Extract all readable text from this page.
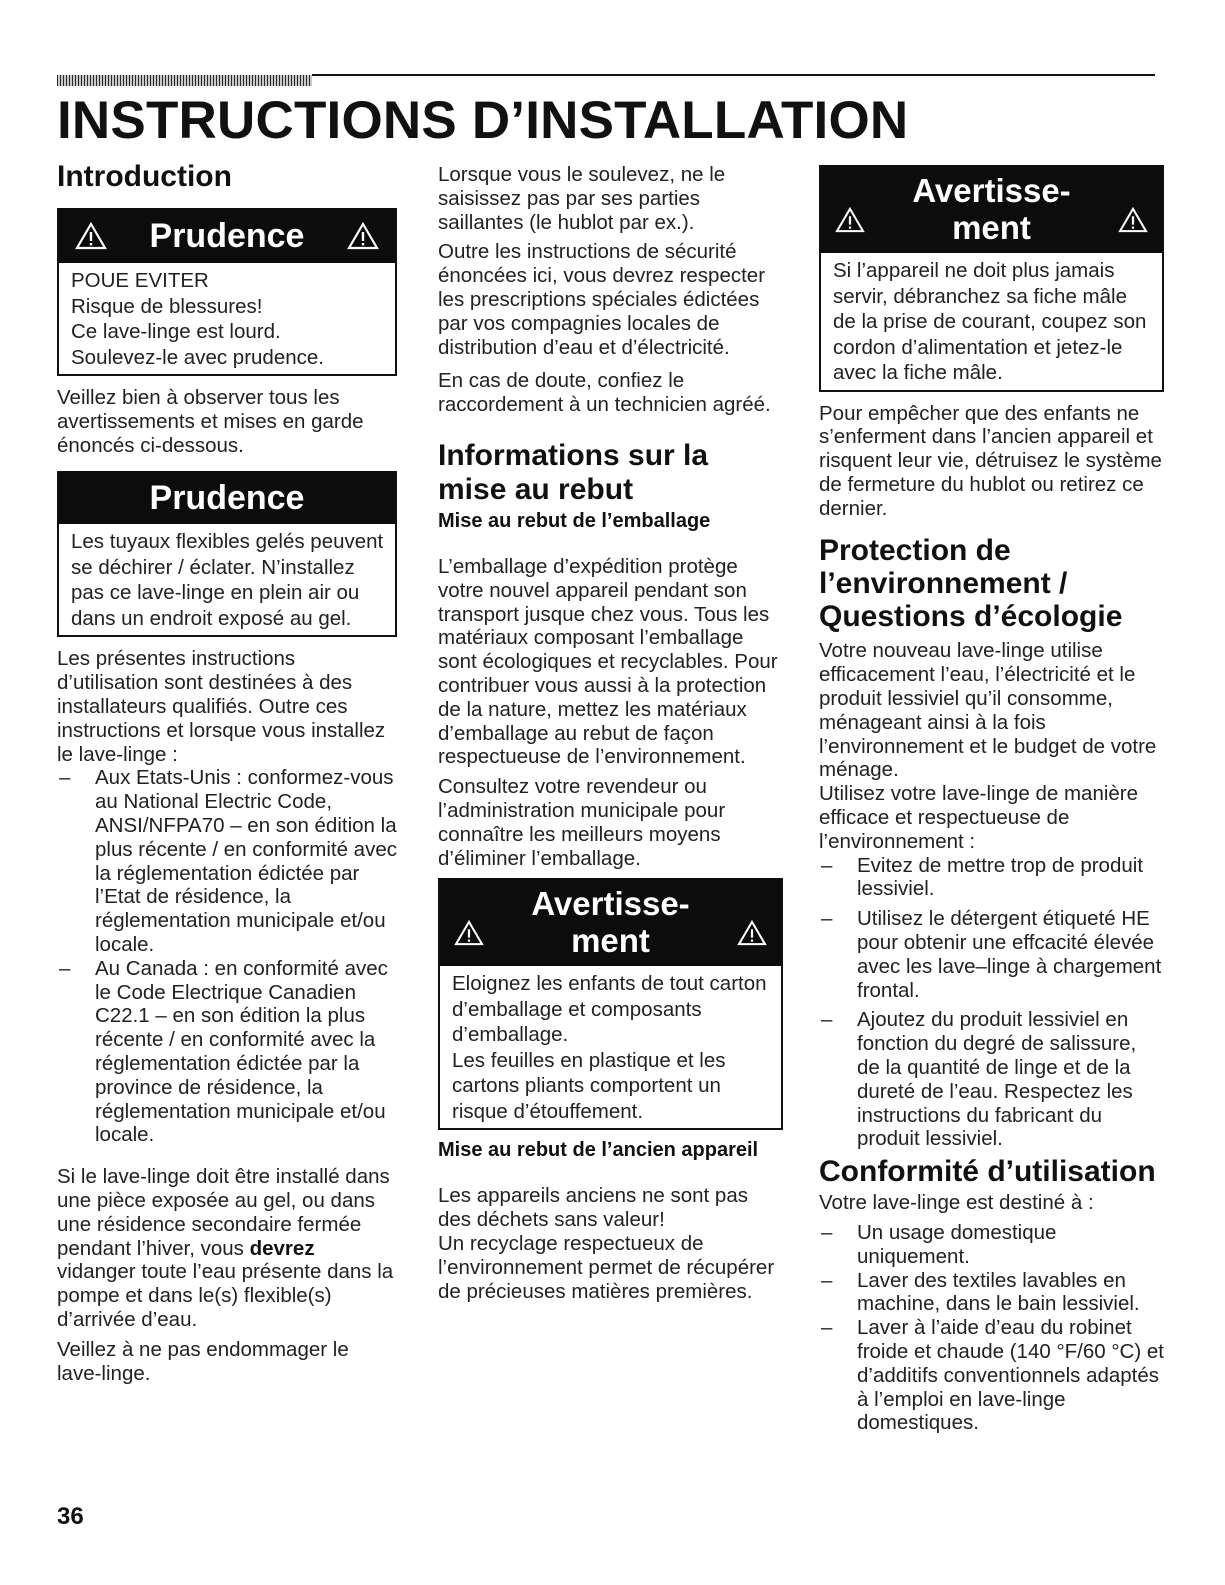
INSTRUCTIONS D’INSTALLATION
Introduction
Prudence
POUE EVITER
Risque de blessures!
Ce lave-linge est lourd.
Soulevez-le avec prudence.

Veillez bien à observer tous les avertissements et mises en garde énoncés ci-dessous.

Prudence
Les tuyaux flexibles gelés peuvent se déchirer / éclater. N’installez pas ce lave-linge en plein air ou dans un endroit exposé au gel.

Les présentes instructions d’utilisation sont destinées à des installateurs qualifiés. Outre ces instructions et lorsque vous installez le lave-linge :

– Aux Etats-Unis : conformez-vous au National Electric Code, ANSI/NFPA70 – en son édition la plus récente / en conformité avec la réglementation édictée par l’Etat de résidence, la réglementation municipale et/ou locale.
– Au Canada : en conformité avec le Code Electrique Canadien C22.1 – en son édition la plus récente / en conformité avec la réglementation édictée par la province de résidence, la réglementation municipale et/ou locale.

Si le lave-linge doit être installé dans une pièce exposée au gel, ou dans une résidence secondaire fermée pendant l’hiver, vous devrez vidanger toute l’eau présente dans la pompe et dans le(s) flexible(s) d’arrivée d’eau.

Veillez à ne pas endommager le lave-linge.

Lorsque vous le soulevez, ne le saisissez pas par ses parties saillantes (le hublot par ex.).

Outre les instructions de sécurité énoncées ici, vous devrez respecter les prescriptions spéciales édictées par vos compagnies locales de distribution d’eau et d’électricité.

En cas de doute, confiez le raccordement à un technicien agréé.

Informations sur la mise au rebut
Mise au rebut de l’emballage

L’emballage d’expédition protège votre nouvel appareil pendant son transport jusque chez vous. Tous les matériaux composant l’emballage sont écologiques et recyclables. Pour contribuer vous aussi à la protection de la nature, mettez les matériaux d’emballage au rebut de façon respectueuse de l’environnement.

Consultez votre revendeur ou l’administration municipale pour connaître les meilleurs moyens d’éliminer l’emballage.

Avertisse-
ment
Eloignez les enfants de tout carton d’emballage et composants d’emballage.
Les feuilles en plastique et les cartons pliants comportent un risque d’étouffement.
Mise au rebut de l’ancien appareil

Les appareils anciens ne sont pas des déchets sans valeur!

Un recyclage respectueux de l’environnement permet de récupérer de précieuses matières premières.

Avertisse-
ment
Si l’appareil ne doit plus jamais servir, débranchez sa fiche mâle de la prise de courant, coupez son cordon d’alimentation et jetez-le avec la fiche mâle.

Pour empêcher que des enfants ne s’enferment dans l’ancien appareil et risquent leur vie, détruisez le système de fermeture du hublot ou retirez ce dernier.

Protection de l’environnement / Questions d’écologie

Votre nouveau lave-linge utilise efficacement l’eau, l’électricité et le produit lessiviel qu’il consomme, ménageant ainsi à la fois l’environnement et le budget de votre ménage.

Utilisez votre lave-linge de manière efficace et respectueuse de l’environnement :

– Evitez de mettre trop de produit lessiviel.
– Utilisez le détergent étiqueté HE pour obtenir une effcacité élevée avec les lave–linge à chargement frontal.
– Ajoutez du produit lessiviel en fonction du degré de salissure, de la quantité de linge et de la dureté de l’eau. Respectez les instructions du fabricant du produit lessiviel.
Conformité d’utilisation

Votre lave-linge est destiné à :

– Un usage domestique uniquement.
– Laver des textiles lavables en machine, dans le bain lessiviel.
– Laver à l’aide d’eau du robinet froide et chaude (140 °F/60 °C) et d’additifs conventionnels adaptés à l’emploi en lave-linge domestiques.
36
